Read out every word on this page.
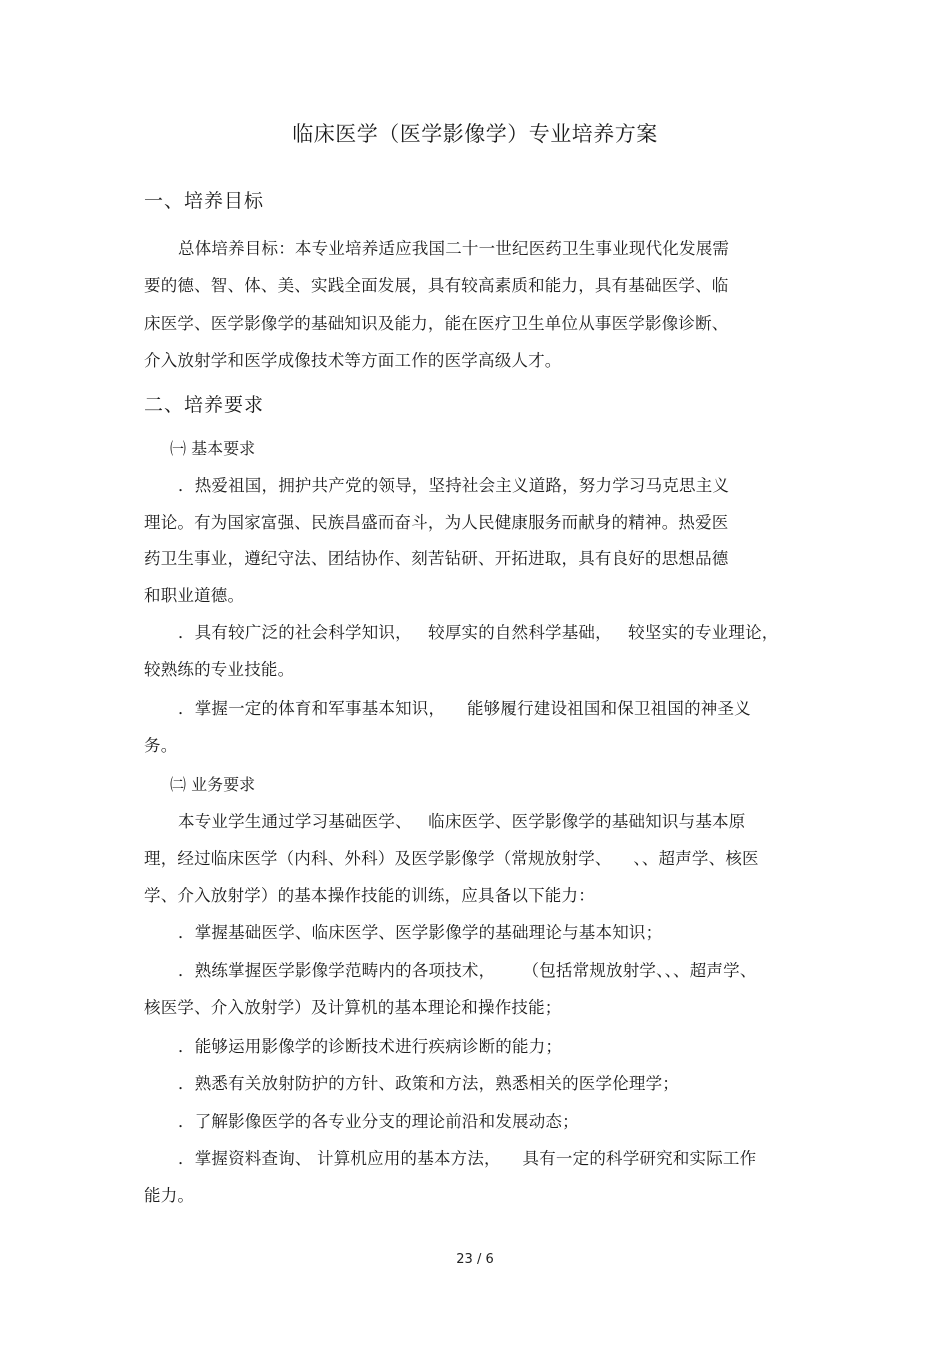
临床医学（医学影像学）专业培养方案
一、培养目标
总体培养目标：本专业培养适应我国二十一世纪医药卫生事业现代化发展需
要的德、智、体、美、实践全面发展，具有较高素质和能力，具有基础医学、临
床医学、医学影像学的基础知识及能力，能在医疗卫生单位从事医学影像诊断、
介入放射学和医学成像技术等方面工作的医学高级人才。
二、培养要求
㈠ 基本要求
．热爱祖国，拥护共产党的领导，坚持社会主义道路，努力学习马克思主义
理论。有为国家富强、民族昌盛而奋斗，为人民健康服务而献身的精神。热爱医
药卫生事业，遵纪守法、团结协作、刻苦钻研、开拓进取，具有良好的思想品德
和职业道德。
．具有较广泛的社会科学知识，   较厚实的自然科学基础，   较坚实的专业理论，
较熟练的专业技能。
．掌握一定的体育和军事基本知识，    能够履行建设祖国和保卫祖国的神圣义
务。
㈡ 业务要求
本专业学生通过学习基础医学、   临床医学、医学影像学的基础知识与基本原
理，经过临床医学（内科、外科）及医学影像学（常规放射学、    、、超声学、核医
学、介入放射学）的基本操作技能的训练，应具备以下能力：
．掌握基础医学、临床医学、医学影像学的基础理论与基本知识；
．熟练掌握医学影像学范畴内的各项技术，     （包括常规放射学、、、超声学、
核医学、介入放射学）及计算机的基本理论和操作技能；
．能够运用影像学的诊断技术进行疾病诊断的能力；
．熟悉有关放射防护的方针、政策和方法，熟悉相关的医学伦理学；
．了解影像医学的各专业分支的理论前沿和发展动态；
．掌握资料查询、 计算机应用的基本方法，    具有一定的科学研究和实际工作
能力。
23 / 6
